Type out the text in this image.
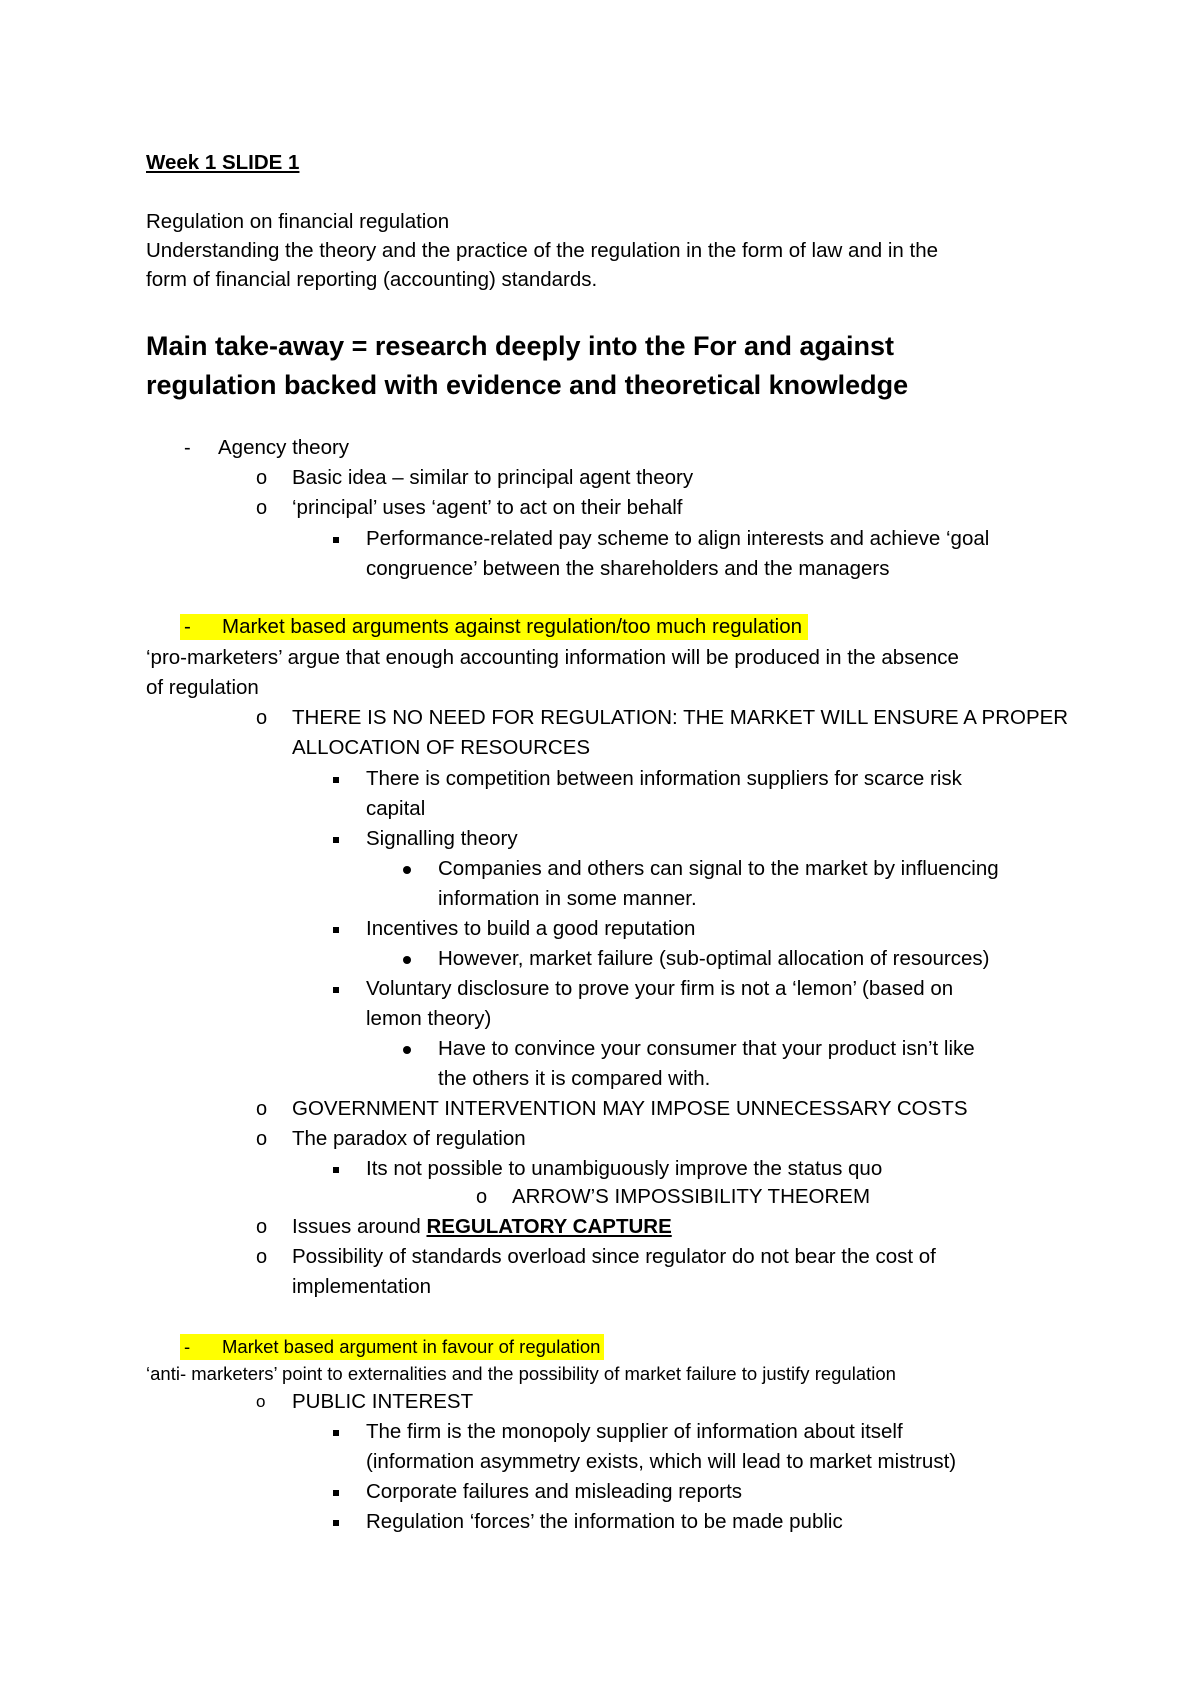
Week 1 SLIDE 1
Regulation on financial regulation
Understanding the theory and the practice of the regulation in the form of law and in the
form of financial reporting (accounting) standards.
Main take-away = research deeply into the For and against
regulation backed with evidence and theoretical knowledge
- Agency theory
o Basic idea – similar to principal agent theory
o ‘principal’ uses ‘agent’ to act on their behalf
Performance-related pay scheme to align interests and achieve ‘goal
congruence’ between the shareholders and the managers
- Market based arguments against regulation/too much regulation
‘pro-marketers’ argue that enough accounting information will be produced in the absence
of regulation
o THERE IS NO NEED FOR REGULATION: THE MARKET WILL ENSURE A PROPER
ALLOCATION OF RESOURCES
There is competition between information suppliers for scarce risk
capital
Signalling theory
Companies and others can signal to the market by influencing
information in some manner.
Incentives to build a good reputation
However, market failure (sub-optimal allocation of resources)
Voluntary disclosure to prove your firm is not a ‘lemon’ (based on
lemon theory)
Have to convince your consumer that your product isn’t like
the others it is compared with.
o GOVERNMENT INTERVENTION MAY IMPOSE UNNECESSARY COSTS
o The paradox of regulation
Its not possible to unambiguously improve the status quo
o ARROW’S IMPOSSIBILITY THEOREM
o Issues around REGULATORY CAPTURE
o Possibility of standards overload since regulator do not bear the cost of
implementation
- Market based argument in favour of regulation
‘anti- marketers’ point to externalities and the possibility of market failure to justify regulation
o PUBLIC INTEREST
The firm is the monopoly supplier of information about itself
(information asymmetry exists, which will lead to market mistrust)
Corporate failures and misleading reports
Regulation ‘forces’ the information to be made public
